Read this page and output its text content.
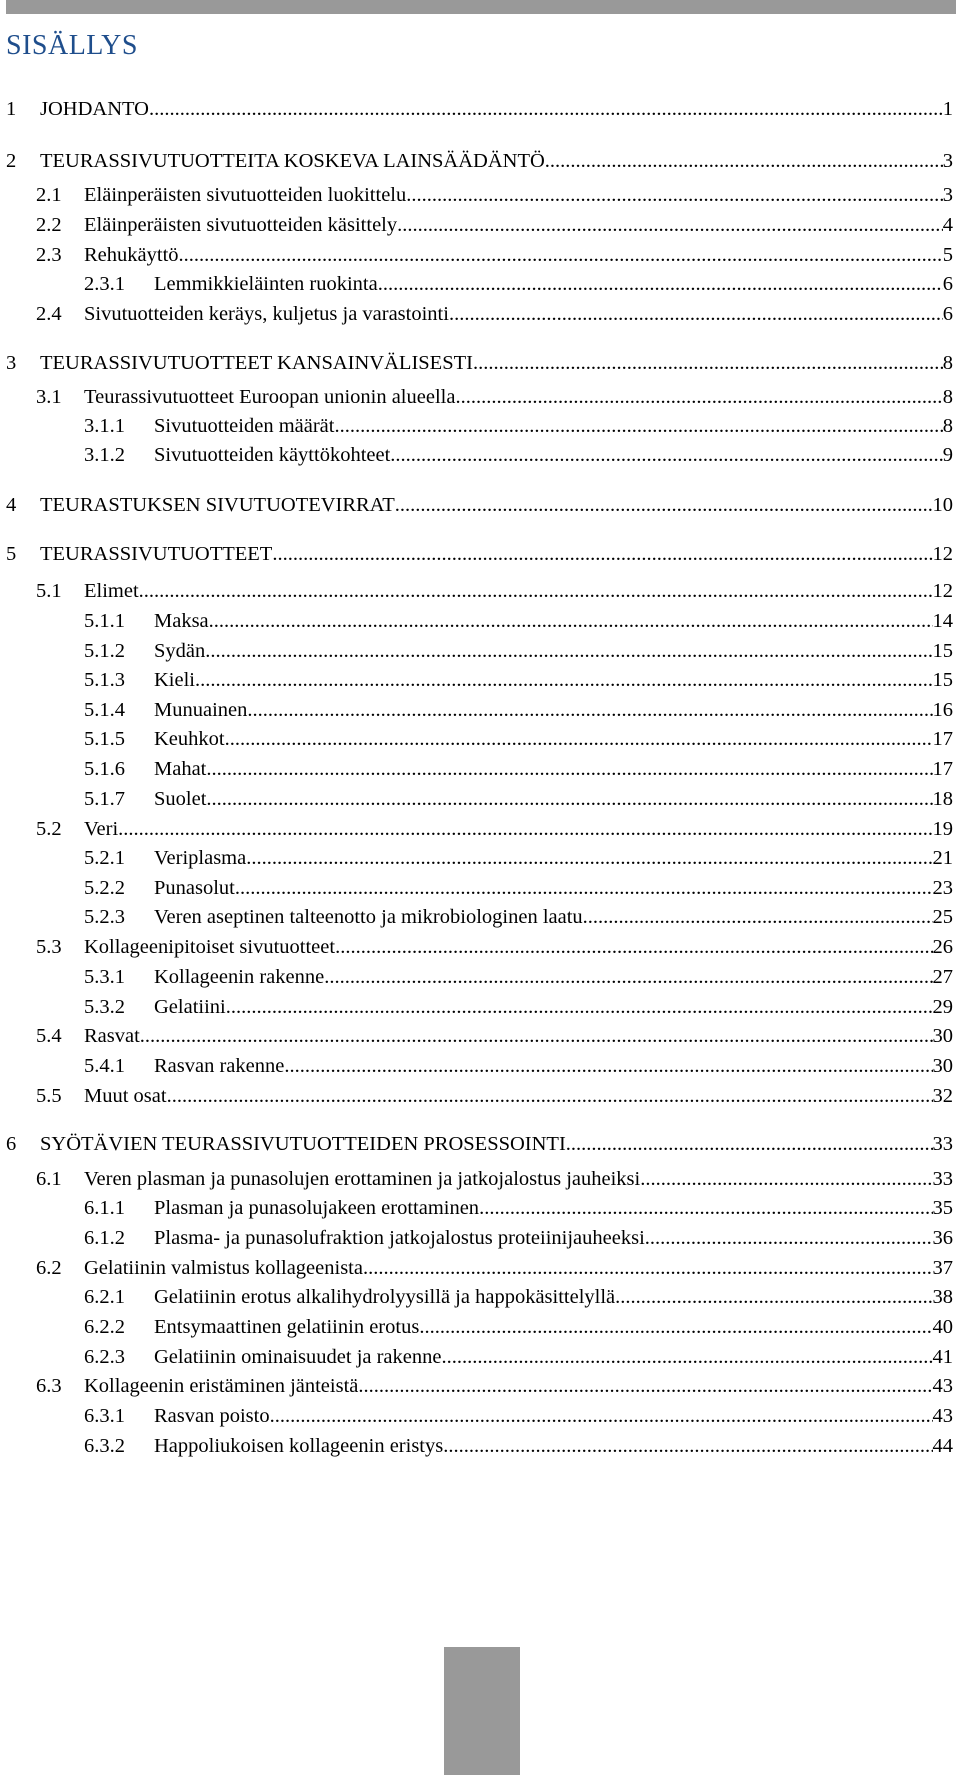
SISÄLLYS
1 JOHDANTO .....	1
2 TEURASSIVUTUOTTEITA KOSKEVA LAINSÄÄDÄNTÖ .....	3
2.1 Eläinperäisten sivutuotteiden luokittelu .....	3
2.2 Eläinperäisten sivutuotteiden käsittely .....	4
2.3 Rehukäyttö .....	5
2.3.1 Lemmikkieläinten ruokinta .....	6
2.4 Sivutuotteiden keräys, kuljetus ja varastointi .....	6
3 TEURASSIVUTUOTTEET KANSAINVÄLISESTI .....	8
3.1 Teurassivutuotteet Euroopan unionin alueella .....	8
3.1.1 Sivutuotteiden määrät .....	8
3.1.2 Sivutuotteiden käyttökohteet .....	9
4 TEURASTUKSEN SIVUTUOTEVIRRAT .....	10
5 TEURASSIVUTUOTTEET .....	12
5.1 Elimet .....	12
5.1.1 Maksa .....	14
5.1.2 Sydän .....	15
5.1.3 Kieli .....	15
5.1.4 Munuainen .....	16
5.1.5 Keuhkot .....	17
5.1.6 Mahat .....	17
5.1.7 Suolet .....	18
5.2 Veri .....	19
5.2.1 Veriplasma .....	21
5.2.2 Punasolut .....	23
5.2.3 Veren aseptinen talteenotto ja mikrobiologinen laatu .....	25
5.3 Kollageenipitoiset sivutuotteet .....	26
5.3.1 Kollageenin rakenne .....	27
5.3.2 Gelatiini .....	29
5.4 Rasvat .....	30
5.4.1 Rasvan rakenne .....	30
5.5 Muut osat .....	32
6 SYÖTÄVIEN TEURASSIVUTUOTTEIDEN PROSESSOINTI .....	33
6.1 Veren plasman ja punasolujen erottaminen ja jatkojalostus jauheiksi .....	33
6.1.1 Plasman ja punasolujakeen erottaminen .....	35
6.1.2 Plasma- ja punasolufraktion jatkojalostus proteiinijauheeksi .....	36
6.2 Gelatiinin valmistus kollageenista .....	37
6.2.1 Gelatiinin erotus alkalihydrolyysillä ja happokäsittelyllä .....	38
6.2.2 Entsymaattinen gelatiinin erotus .....	40
6.2.3 Gelatiinin ominaisuudet ja rakenne .....	41
6.3 Kollageenin eristäminen jänteistä .....	43
6.3.1 Rasvan poisto .....	43
6.3.2 Happoliukoisen kollageenin eristys .....	44
